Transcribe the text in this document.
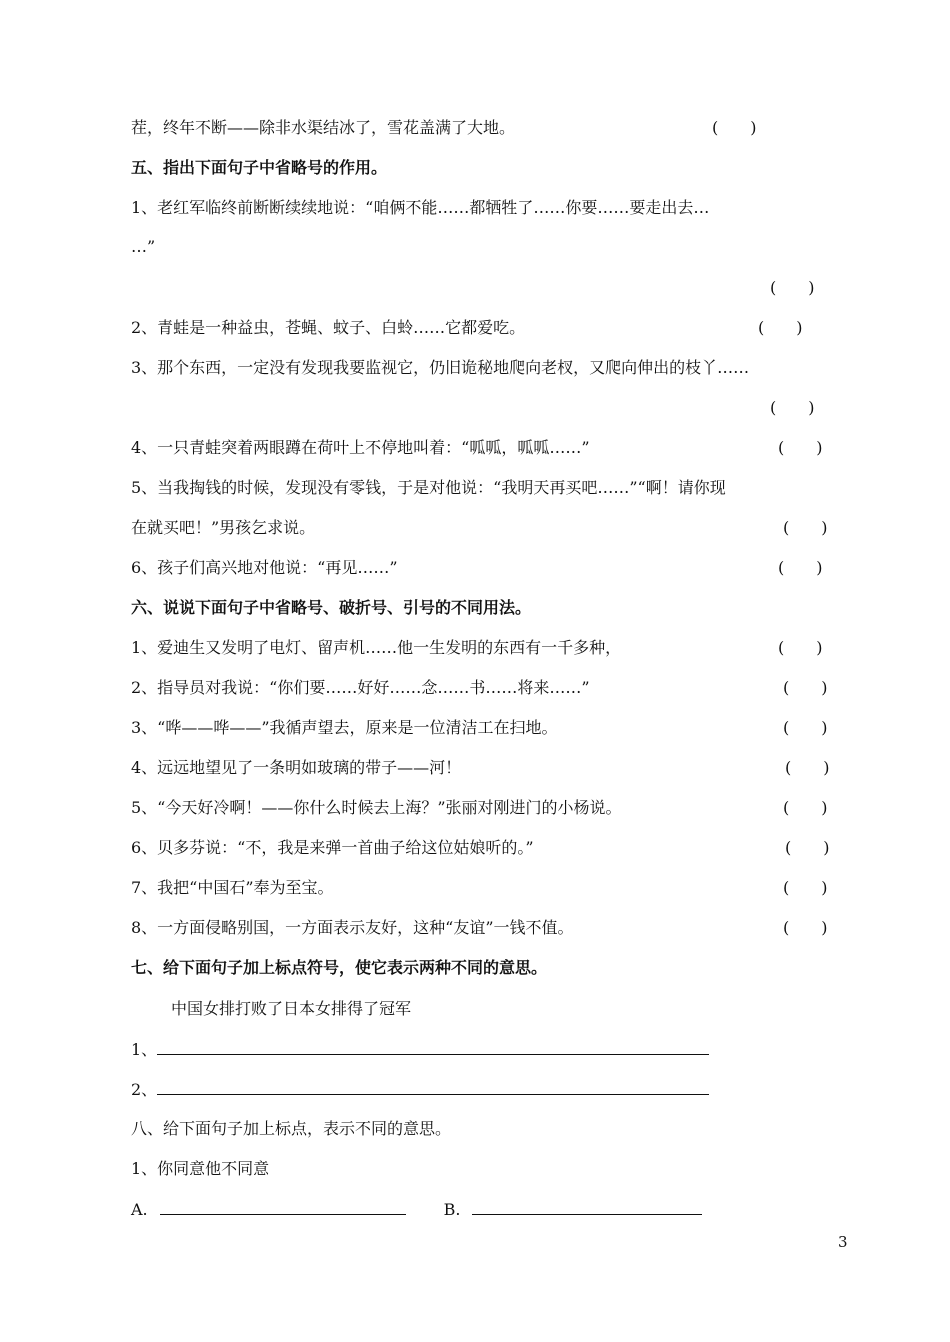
茬，终年不断——除非水渠结冰了，雪花盖满了大地。	(　　)
五、指出下面句子中省略号的作用。
1、老红军临终前断断续续地说：“咱俩不能……都牺牲了……你要……要走出去…
…”
(　　)
2、青蛙是一种益虫，苍蝇、蚊子、白蛉……它都爱吃。	(　　)
3、那个东西，一定没有发现我要监视它，仍旧诡秘地爬向老杈，又爬向伸出的枝丫……
(　　)
4、一只青蛙突着两眼蹲在荷叶上不停地叫着：“呱呱，呱呱……”	(　　)
5、当我掏钱的时候，发现没有零钱，于是对他说：“我明天再买吧……”“啊！请你现
在就买吧！”男孩乞求说。	(　　)
6、孩子们高兴地对他说：“再见……”	(　　)
六、说说下面句子中省略号、破折号、引号的不同用法。
1、爱迪生又发明了电灯、留声机……他一生发明的东西有一千多种，	(　　)
2、指导员对我说：“你们要……好好……念……书……将来……”	(　　)
3、“哗——哗——”我循声望去，原来是一位清洁工在扫地。	(　　)
4、远远地望见了一条明如玻璃的带子——河！	(　　)
5、“今天好冷啊！——你什么时候去上海？”张丽对刚进门的小杨说。	(　　)
6、贝多芬说：“不，我是来弹一首曲子给这位姑娘听的。”	(　　)
7、我把“中国石”奉为至宝。	(　　)
8、一方面侵略别国，一方面表示友好，这种“友谊”一钱不值。	(　　)
七、给下面句子加上标点符号，使它表示两种不同的意思。
中国女排打败了日本女排得了冠军
1、
2、
八、给下面句子加上标点，表示不同的意思。
1、你同意他不同意
A.	B.
3
